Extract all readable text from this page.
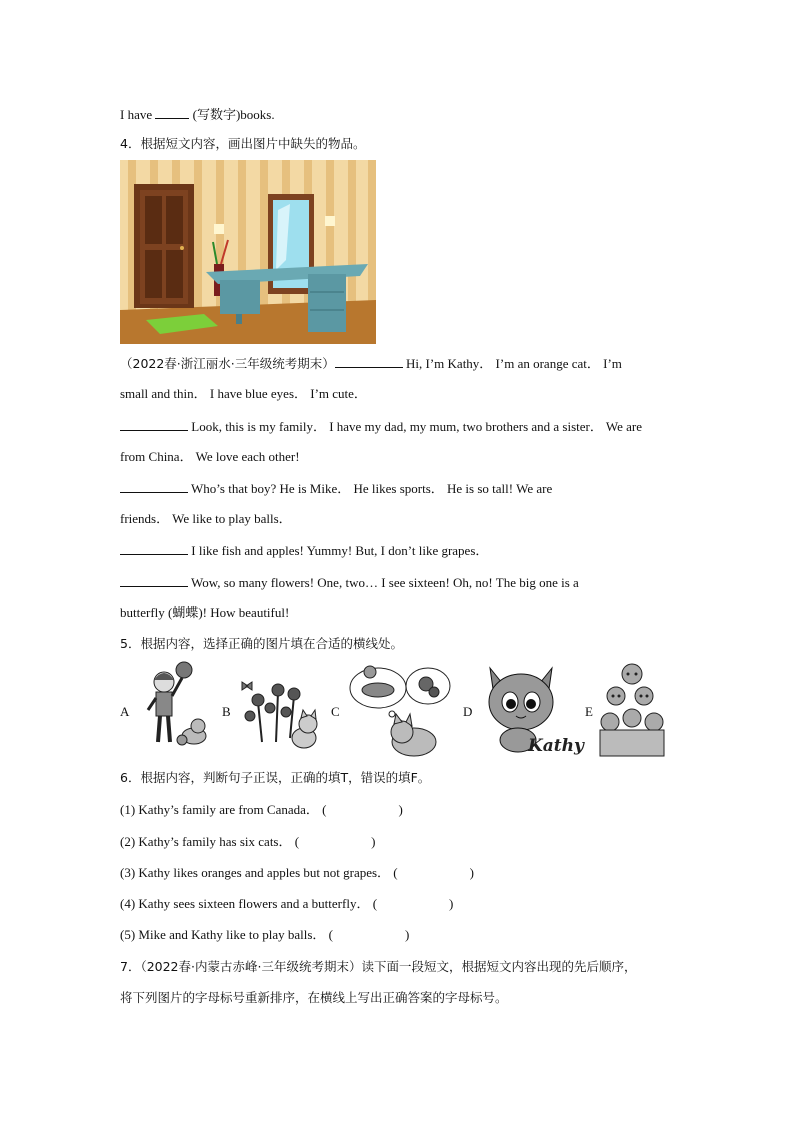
I have	(写数字)books.
4．根据短文内容，画出图片中缺失的物品。
（2022春·浙江丽水·三年级统考期末）	Hi, I’m Kathy． I’m an orange cat． I’m
small and thin． I have blue eyes． I’m cute．
Look, this is my family． I have my dad, my mum, two brothers and a sister． We are
from China． We love each other!
Who’s that boy? He is Mike． He likes sports． He is so tall! We are
friends． We like to play balls．
I like fish and apples! Yummy! But, I don’t like grapes．
Wow, so many flowers! One, two… I see sixteen! Oh, no! The big one is a
butterfly (蝴蝶)! How beautiful!
5．根据内容，选择正确的图片填在合适的横线处。
A	B	C	D
Kathy
E
6．根据内容，判断句子正误，正确的填T，错误的填F。
(1) Kathy’s family are from Canada． (	)
(2) Kathy’s family has six cats． (	)
(3) Kathy likes oranges and apples but not grapes． (	)
(4) Kathy sees sixteen flowers and a butterfly． (	)
(5) Mike and Kathy like to play balls． (	)
7．（2022春·内蒙古赤峰·三年级统考期末）读下面一段短文，根据短文内容出现的先后顺序，
将下列图片的字母标号重新排序，在横线上写出正确答案的字母标号。
